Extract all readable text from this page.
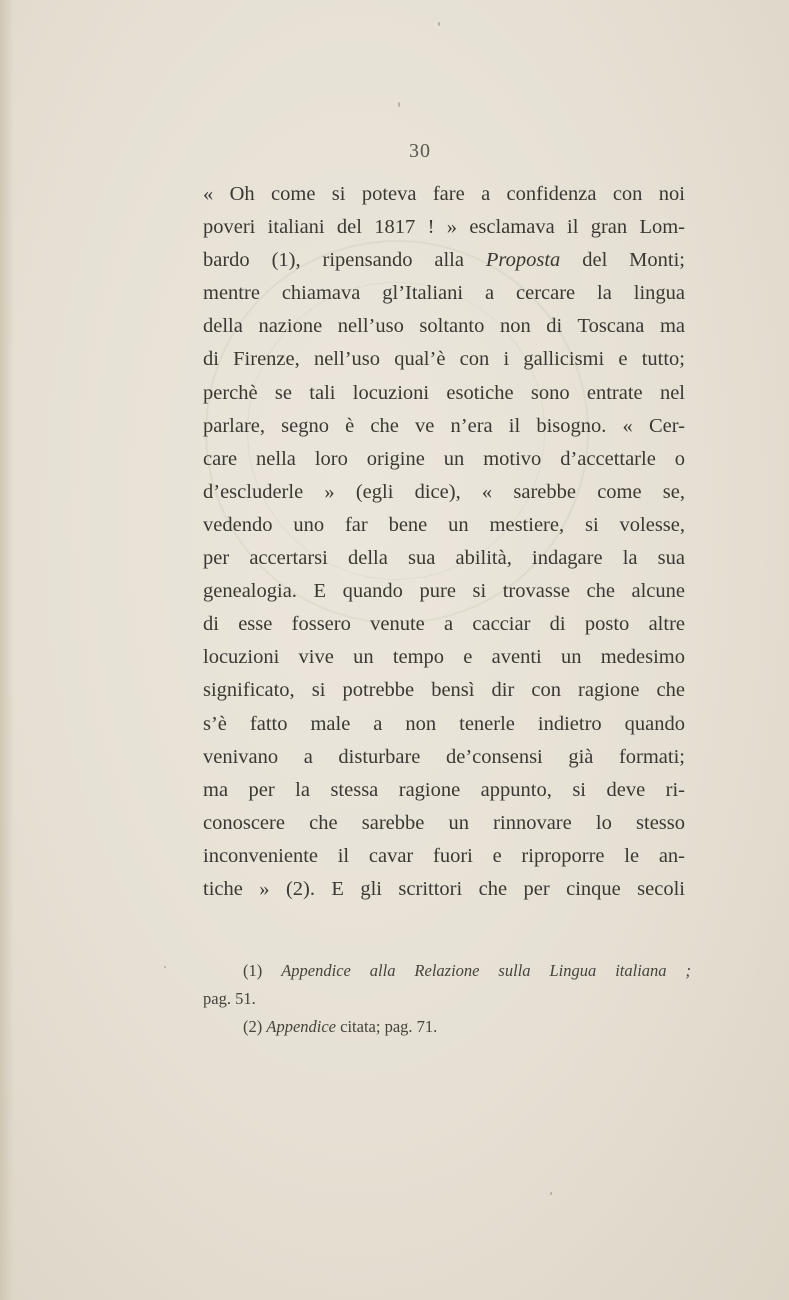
30
« Oh come si poteva fare a confidenza con noi
poveri italiani del 1817 ! » esclamava il gran Lom-
bardo (1), ripensando alla Proposta del Monti;
mentre chiamava gl’Italiani a cercare la lingua
della nazione nell’uso soltanto non di Toscana ma
di Firenze, nell’uso qual’è con i gallicismi e tutto;
perchè se tali locuzioni esotiche sono entrate nel
parlare, segno è che ve n’era il bisogno. « Cer-
care nella loro origine un motivo d’accettarle o
d’escluderle » (egli dice), « sarebbe come se,
vedendo uno far bene un mestiere, si volesse,
per accertarsi della sua abilità, indagare la sua
genealogia. E quando pure si trovasse che alcune
di esse fossero venute a cacciar di posto altre
locuzioni vive un tempo e aventi un medesimo
significato, si potrebbe bensì dir con ragione che
s’è fatto male a non tenerle indietro quando
venivano a disturbare de’consensi già formati;
ma per la stessa ragione appunto, si deve ri-
conoscere che sarebbe un rinnovare lo stesso
inconveniente il cavar fuori e riproporre le an-
tiche » (2). E gli scrittori che per cinque secoli
(1) Appendice alla Relazione sulla Lingua italiana ;
pag. 51.
(2) Appendice citata; pag. 71.
